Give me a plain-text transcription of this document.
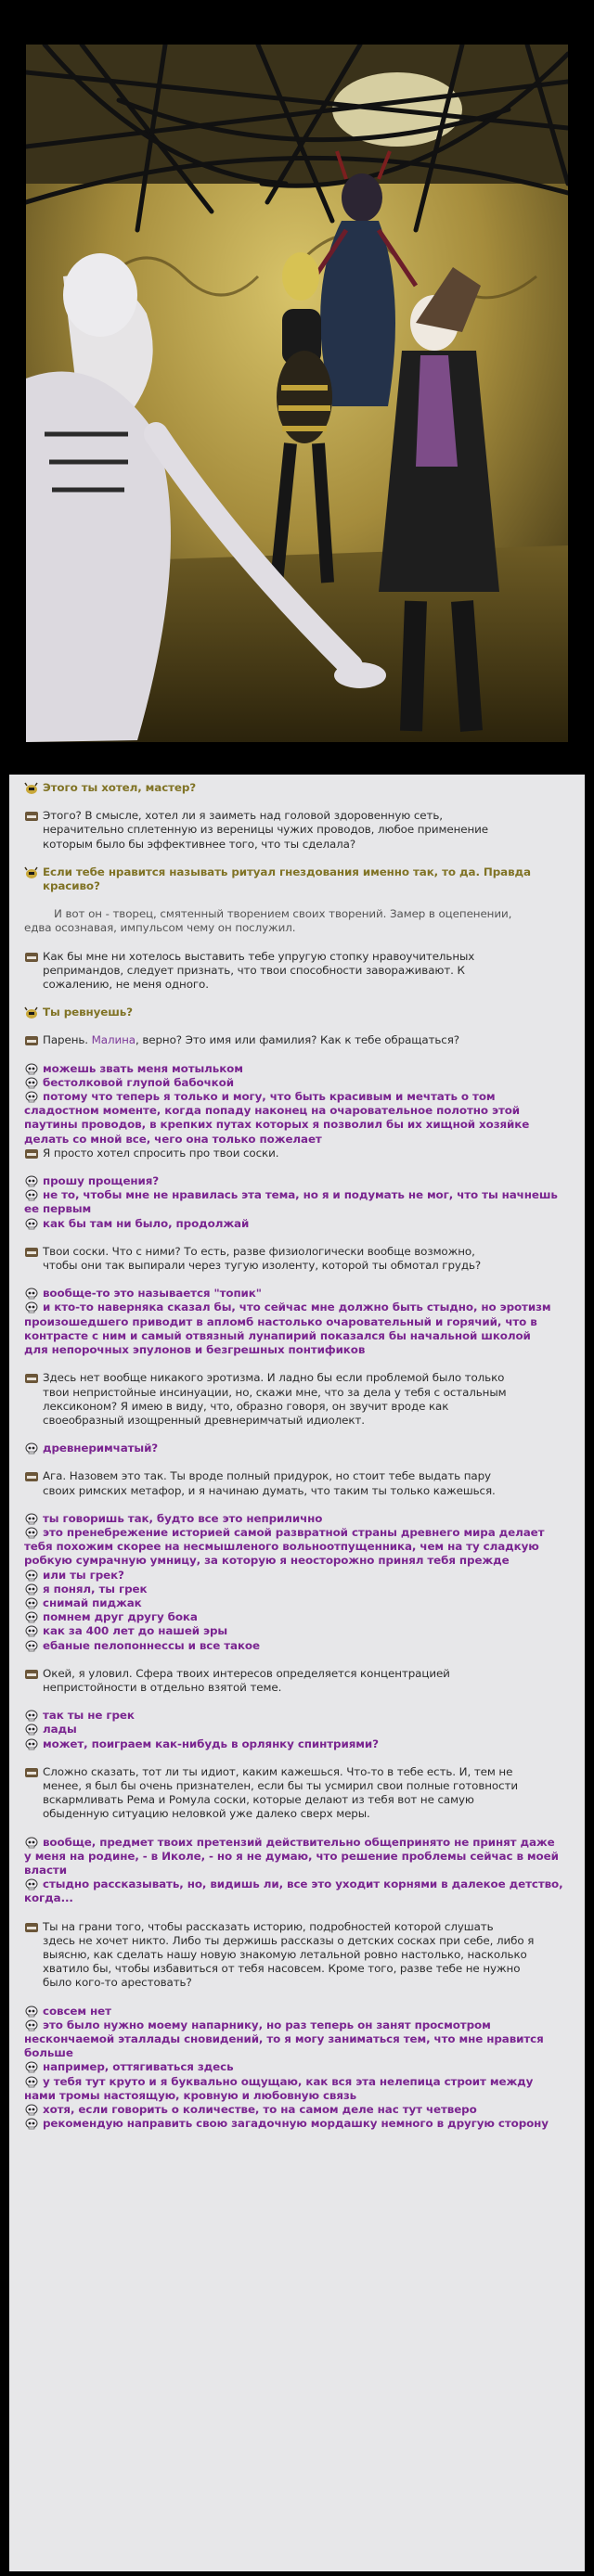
Этого ты хотел, мастер?
Этого? В смысле, хотел ли я заиметь над головой здоровенную сеть,
нерачительно сплетенную из вереницы чужих проводов, любое применение
которым было бы эффективнее того, что ты сделала?
Если тебе нравится называть ритуал гнездования именно так, то да. Правда
красиво?
И вот он - творец, смятенный творением своих творений. Замер в оцепенении,
едва осознавая, импульсом чему он послужил.
Как бы мне ни хотелось выставить тебе упругую стопку нравоучительных
репримандов, следует признать, что твои способности завораживают. К
сожалению, не меня одного.
Ты ревнуешь?
Парень. Малина, верно? Это имя или фамилия? Как к тебе обращаться?
можешь звать меня мотыльком
бестолковой глупой бабочкой
потому что теперь я только и могу, что быть красивым и мечтать о том
сладостном моменте, когда попаду наконец на очаровательное полотно этой
паутины проводов, в крепких путах которых я позволил бы их хищной хозяйке
делать со мной все, чего она только пожелает
Я просто хотел спросить про твои соски.
прошу прощения?
не то, чтобы мне не нравилась эта тема, но я и подумать не мог, что ты начнешь
ее первым
как бы там ни было, продолжай
Твои соски. Что с ними? То есть, разве физиологически вообще возможно,
чтобы они так выпирали через тугую изоленту, которой ты обмотал грудь?
вообще-то это называется "топик"
и кто-то наверняка сказал бы, что сейчас мне должно быть стыдно, но эротизм
произошедшего приводит в апломб настолько очаровательный и горячий, что в
контрасте с ним и самый отвязный лунапирий показался бы начальной школой
для непорочных эпулонов и безгрешных понтификов
Здесь нет вообще никакого эротизма. И ладно бы если проблемой было только
твои непристойные инсинуации, но, скажи мне, что за дела у тебя с остальным
лексиконом? Я имею в виду, что, образно говоря, он звучит вроде как
своеобразный изощренный древнеримчатый идиолект.
древнеримчатый?
Ага. Назовем это так. Ты вроде полный придурок, но стоит тебе выдать пару
своих римских метафор, и я начинаю думать, что таким ты только кажешься.
ты говоришь так, будто все это неприлично
это пренебрежение историей самой развратной страны древнего мира делает
тебя похожим скорее на несмышленого вольноотпущенника, чем на ту сладкую
робкую сумрачную умницу, за которую я неосторожно принял тебя прежде
или ты грек?
я понял, ты грек
снимай пиджак
помнем друг другу бока
как за 400 лет до нашей эры
ебаные пелопоннессы и все такое
Окей, я уловил. Сфера твоих интересов определяется концентрацией
непристойности в отдельно взятой теме.
так ты не грек
лады
может, поиграем как-нибудь в орлянку спинтриями?
Сложно сказать, тот ли ты идиот, каким кажешься. Что-то в тебе есть. И, тем не
менее, я был бы очень признателен, если бы ты усмирил свои полные готовности
вскармливать Рема и Ромула соски, которые делают из тебя вот не самую
обыденную ситуацию неловкой уже далеко сверх меры.
вообще, предмет твоих претензий действительно общепринято не принят даже
у меня на родине, - в Иколе, - но я не думаю, что решение проблемы сейчас в моей
власти
стыдно рассказывать, но, видишь ли, все это уходит корнями в далекое детство,
когда...
Ты на грани того, чтобы рассказать историю, подробностей которой слушать
здесь не хочет никто. Либо ты держишь рассказы о детских сосках при себе, либо я
выясню, как сделать нашу новую знакомую летальной ровно настолько, насколько
хватило бы, чтобы избавиться от тебя насовсем. Кроме того, разве тебе не нужно
было кого-то арестовать?
совсем нет
это было нужно моему напарнику, но раз теперь он занят просмотром
нескончаемой эталлады сновидений, то я могу заниматься тем, что мне нравится
больше
например, оттягиваться здесь
у тебя тут круто и я буквально ощущаю, как вся эта нелепица строит между
нами тромы настоящую, кровную и любовную связь
хотя, если говорить о количестве, то на самом деле нас тут четверо
рекомендую направить свою загадочную мордашку немного в другую сторону
